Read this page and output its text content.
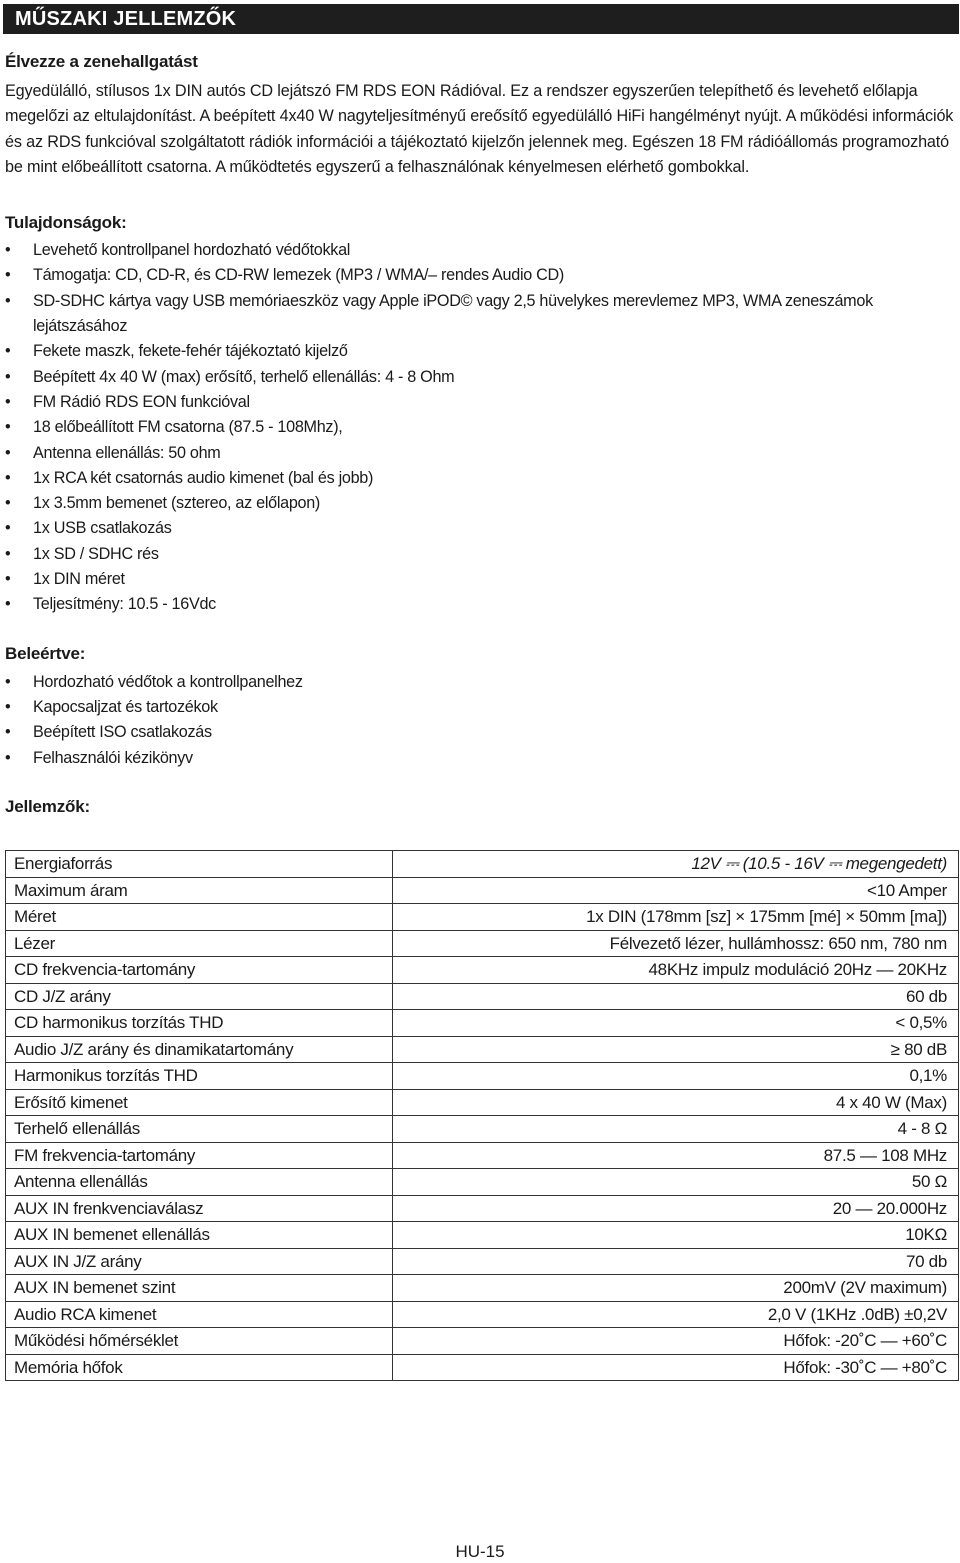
MŰSZAKI JELLEMZŐK
Élvezze a zenehallgatást

Egyedülálló, stílusos 1x DIN autós CD lejátszó FM RDS EON Rádióval. Ez a rendszer egyszerűen telepíthető és levehető előlapja megelőzi az eltulajdonítást. A beépített 4x40 W nagyteljesítményű ereősítő egyedülálló HiFi hangélményt nyújt. A működési információk és az RDS funkcióval szolgáltatott rádiók információi a tájékoztató kijelzőn jelennek meg. Egészen 18 FM rádióállomás programozható be mint előbeállított csatorna. A működtetés egyszerű a felhasználónak kényelmesen elérhető gombokkal.

Tulajdonságok:
• Levehető kontrollpanel hordozható védőtokkal
• Támogatja: CD, CD-R, és CD-RW lemezek (MP3 / WMA/– rendes Audio CD)
• SD-SDHC kártya vagy USB memóriaeszköz vagy Apple iPOD© vagy 2,5 hüvelykes merevlemez MP3, WMA zeneszámok lejátszásához
• Fekete maszk, fekete-fehér tájékoztató kijelző
• Beépített 4x 40 W (max) erősítő, terhelő ellenállás: 4 - 8 Ohm
• FM Rádió RDS EON funkcióval
• 18 előbeállított FM csatorna (87.5 - 108Mhz),
• Antenna ellenállás: 50 ohm
• 1x RCA két csatornás audio kimenet (bal és jobb)
• 1x 3.5mm bemenet (sztereo, az előlapon)
• 1x USB csatlakozás
• 1x SD / SDHC rés
• 1x DIN méret
• Teljesítmény: 10.5 - 16Vdc
Beleértve:
• Hordozható védőtok a kontrollpanelhez
• Kapocsaljzat és tartozékok
• Beépített ISO csatlakozás
• Felhasználói kézikönyv
Jellemzők:
Energiaforrás	12V ⎓ (10.5 - 16V ⎓ megengedett)
Maximum áram	<10 Amper
Méret	1x DIN (178mm [sz] × 175mm [mé] × 50mm [ma])
Lézer	Félvezető lézer, hullámhossz: 650 nm, 780 nm
CD frekvencia-tartomány	48KHz impulz moduláció 20Hz — 20KHz
CD J/Z arány	60 db
CD harmonikus torzítás THD	< 0,5%
Audio J/Z arány és dinamikatartomány	≥ 80 dB
Harmonikus torzítás THD	0,1%
Erősítő kimenet	4 x 40 W (Max)
Terhelő ellenállás	4 - 8 Ω
FM frekvencia-tartomány	87.5 — 108 MHz
Antenna ellenállás	50 Ω
AUX IN frenkvenciaválasz	20 — 20.000Hz
AUX IN bemenet ellenállás	10KΩ
AUX IN J/Z arány	70 db
AUX IN bemenet szint	200mV (2V maximum)
Audio RCA kimenet	2,0 V (1KHz .0dB) ±0,2V
Működési hőmérséklet	Hőfok: -20˚C — +60˚C
Memória hőfok	Hőfok: -30˚C — +80˚C
HU-15
